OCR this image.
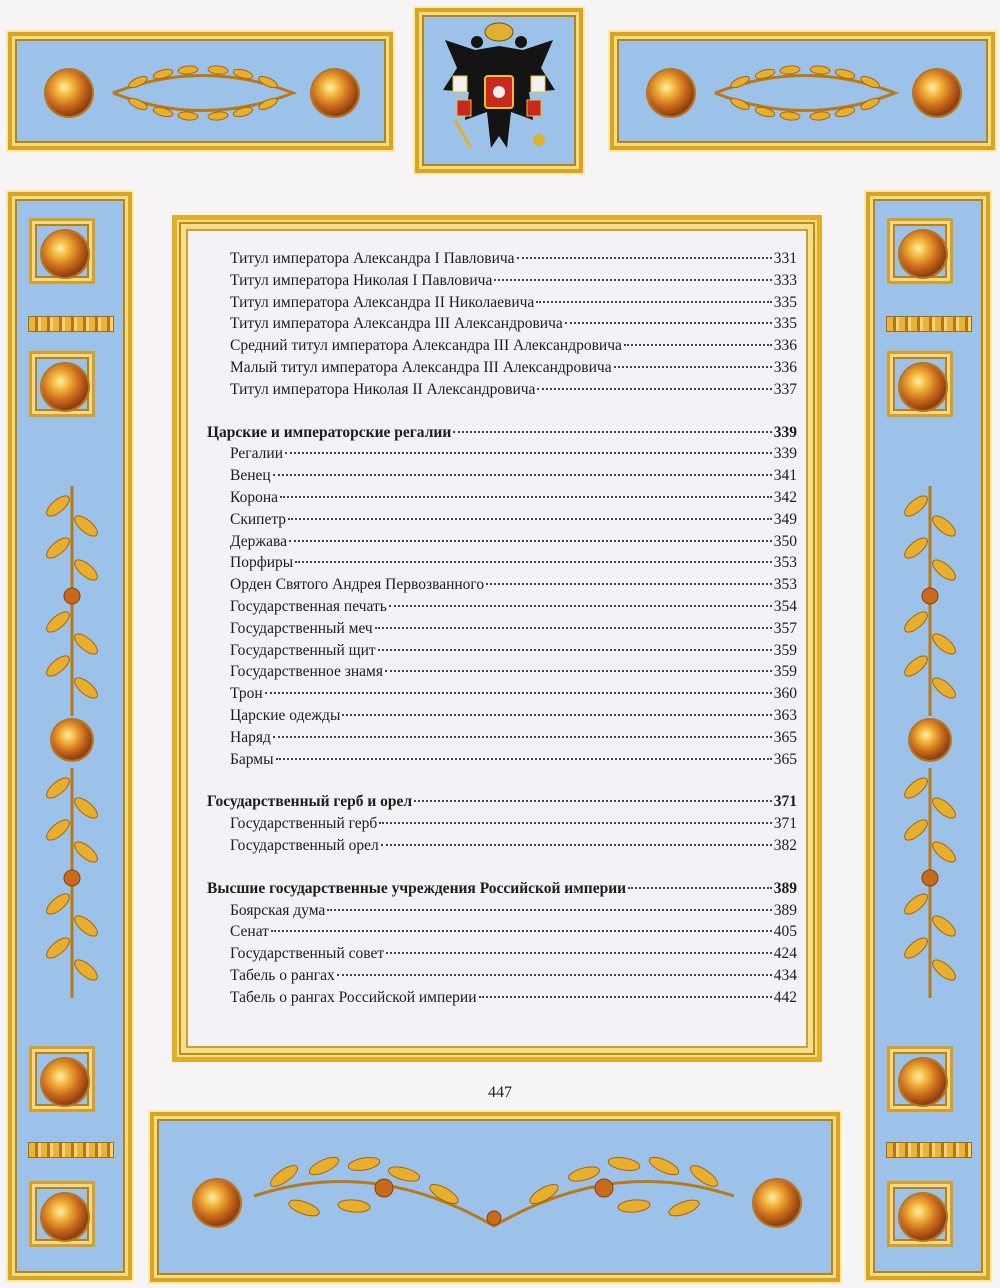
Титул императора Александра I Павловича	331
Титул императора Николая I Павловича	333
Титул императора Александра II Николаевича	335
Титул императора Александра III Александровича	335
Средний титул императора Александра III Александровича	336
Малый титул императора Александра III Александровича	336
Титул императора Николая II Александровича	337
Царские и императорские регалии	339
Регалии	339
Венец	341
Корона	342
Скипетр	349
Держава	350
Порфиры	353
Орден Святого Андрея Первозванного	353
Государственная печать	354
Государственный меч	357
Государственный щит	359
Государственное знамя	359
Трон	360
Царские одежды	363
Наряд	365
Бармы	365
Государственный герб и орел	371
Государственный герб	371
Государственный орел	382
Высшие государственные учреждения Российской империи	389
Боярская дума	389
Сенат	405
Государственный совет	424
Табель о рангах	434
Табель о рангах Российской империи	442
447
